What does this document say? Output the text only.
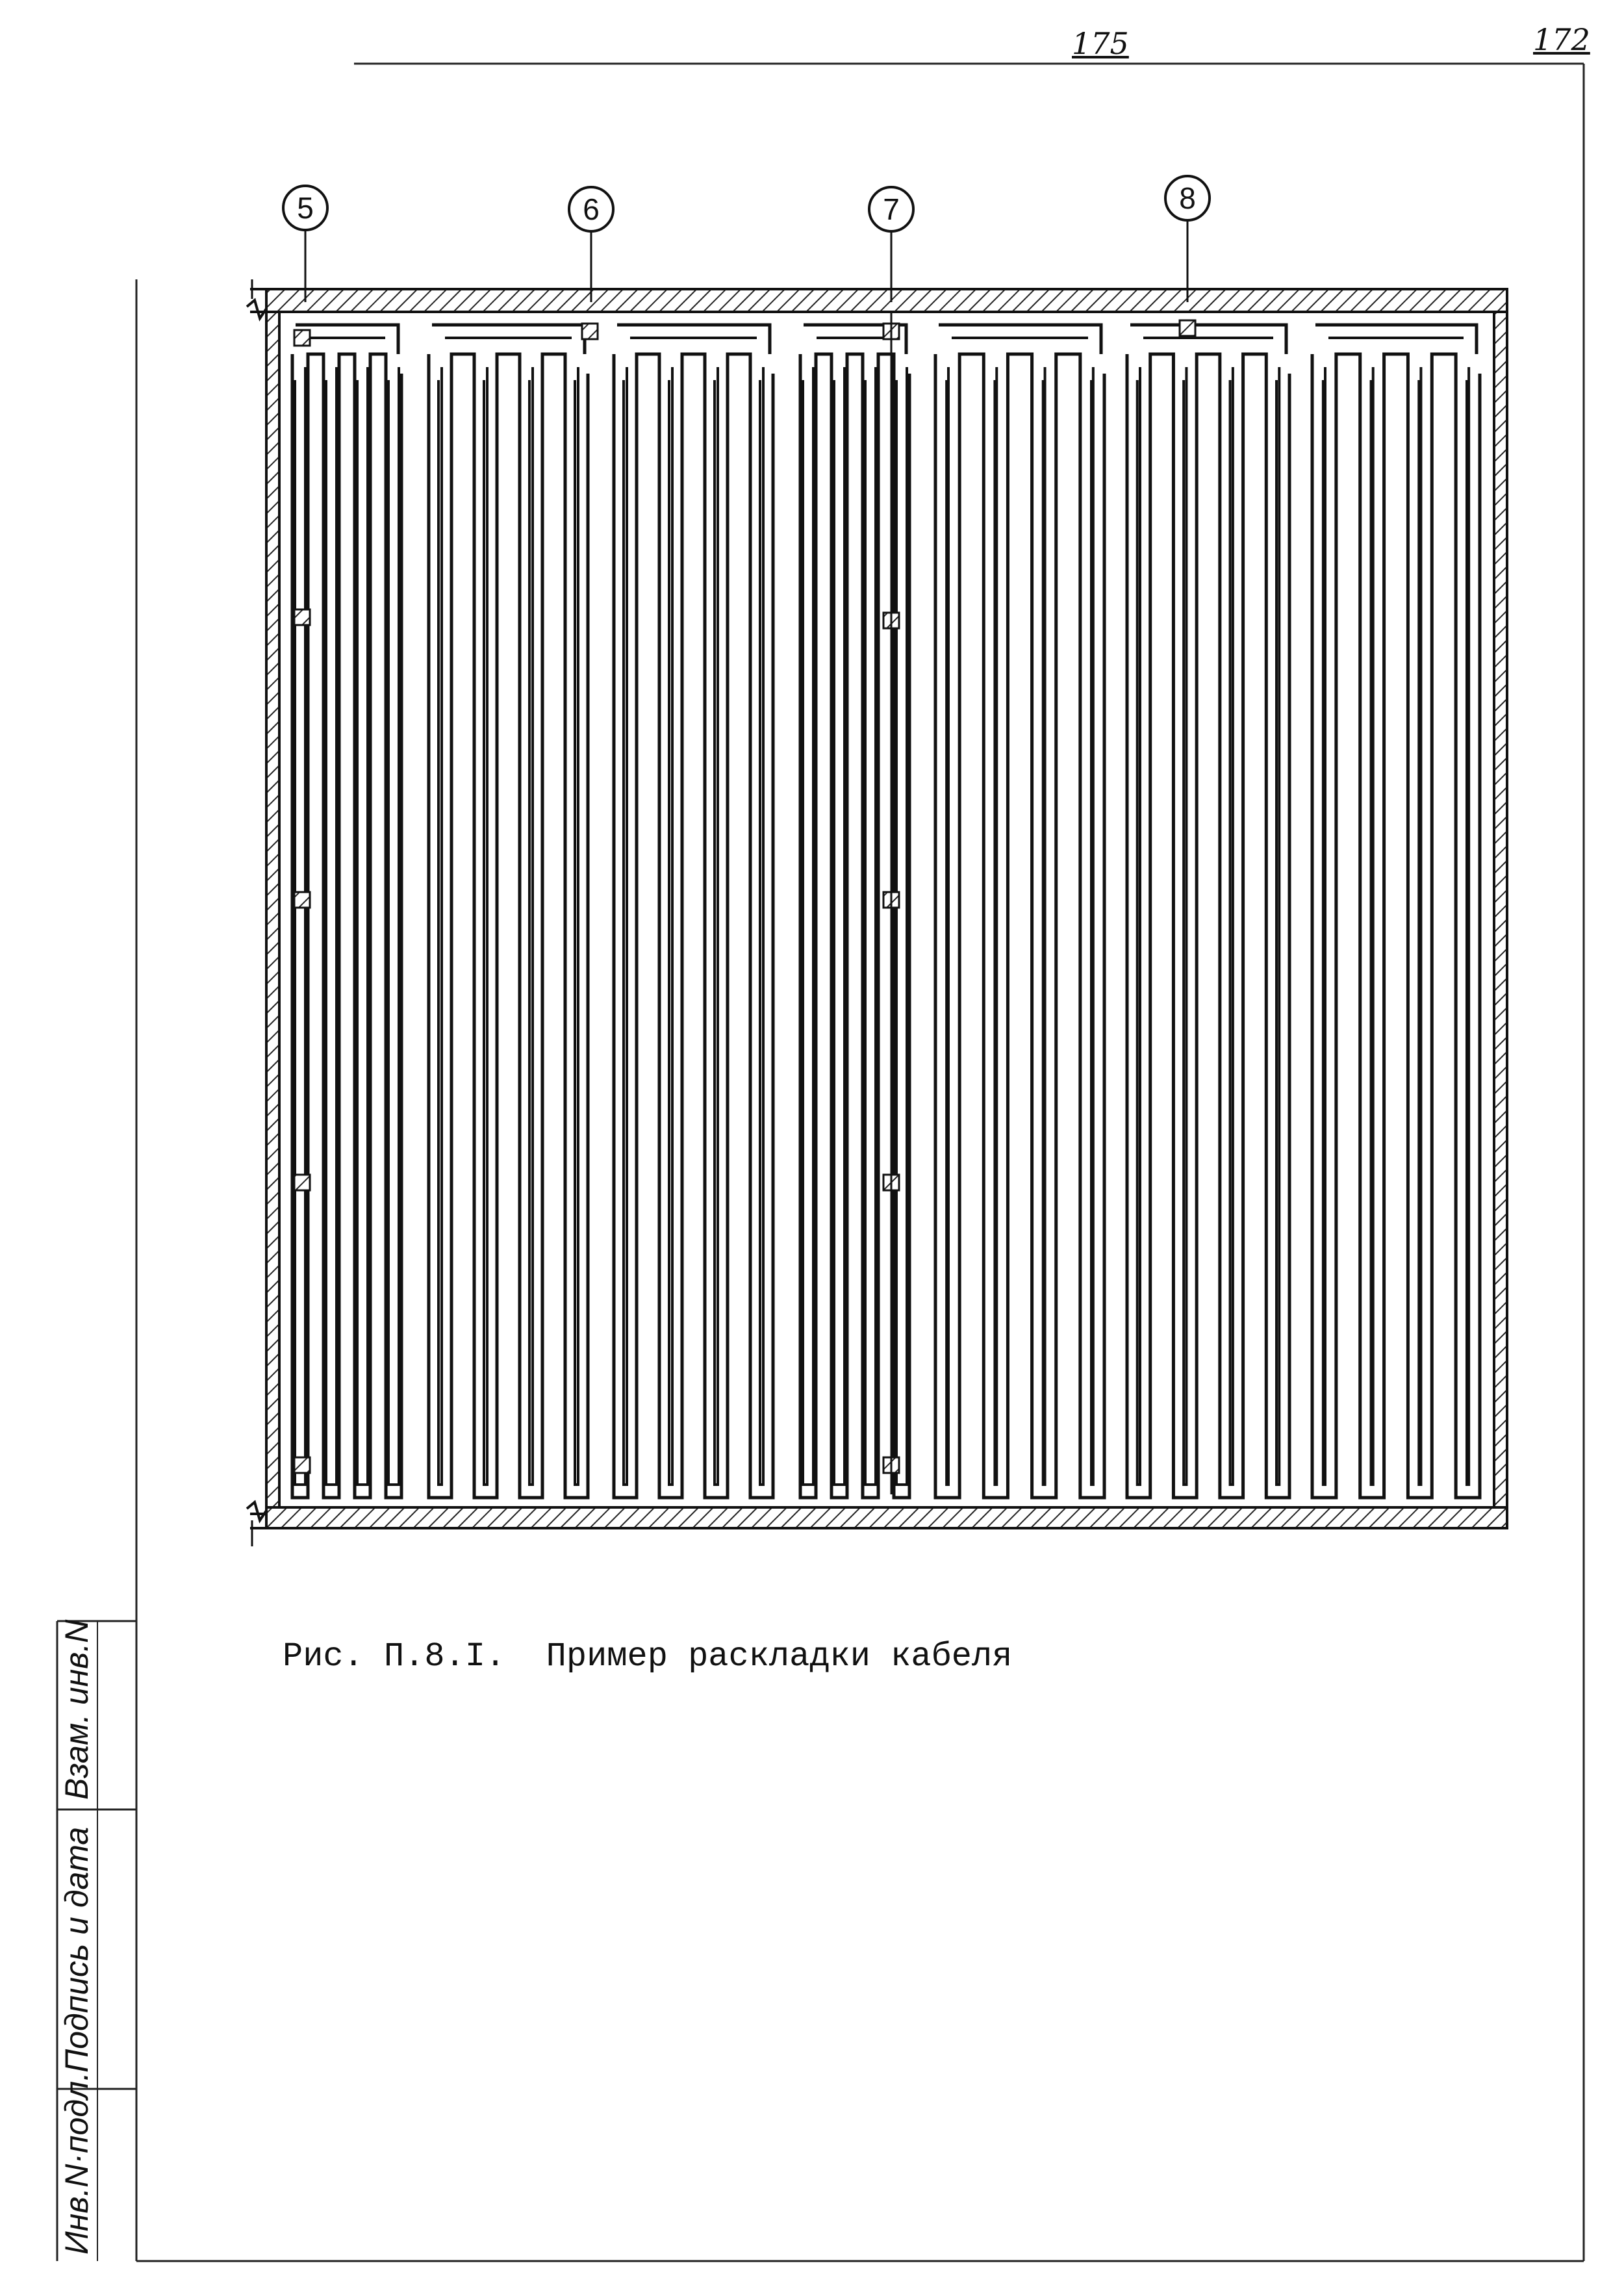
175	172
Инв.N·подл.
Подпись и дата
Взам. инв.N
5	6	7	8
Рис. П.8.І.  Пример раскладки кабеля
